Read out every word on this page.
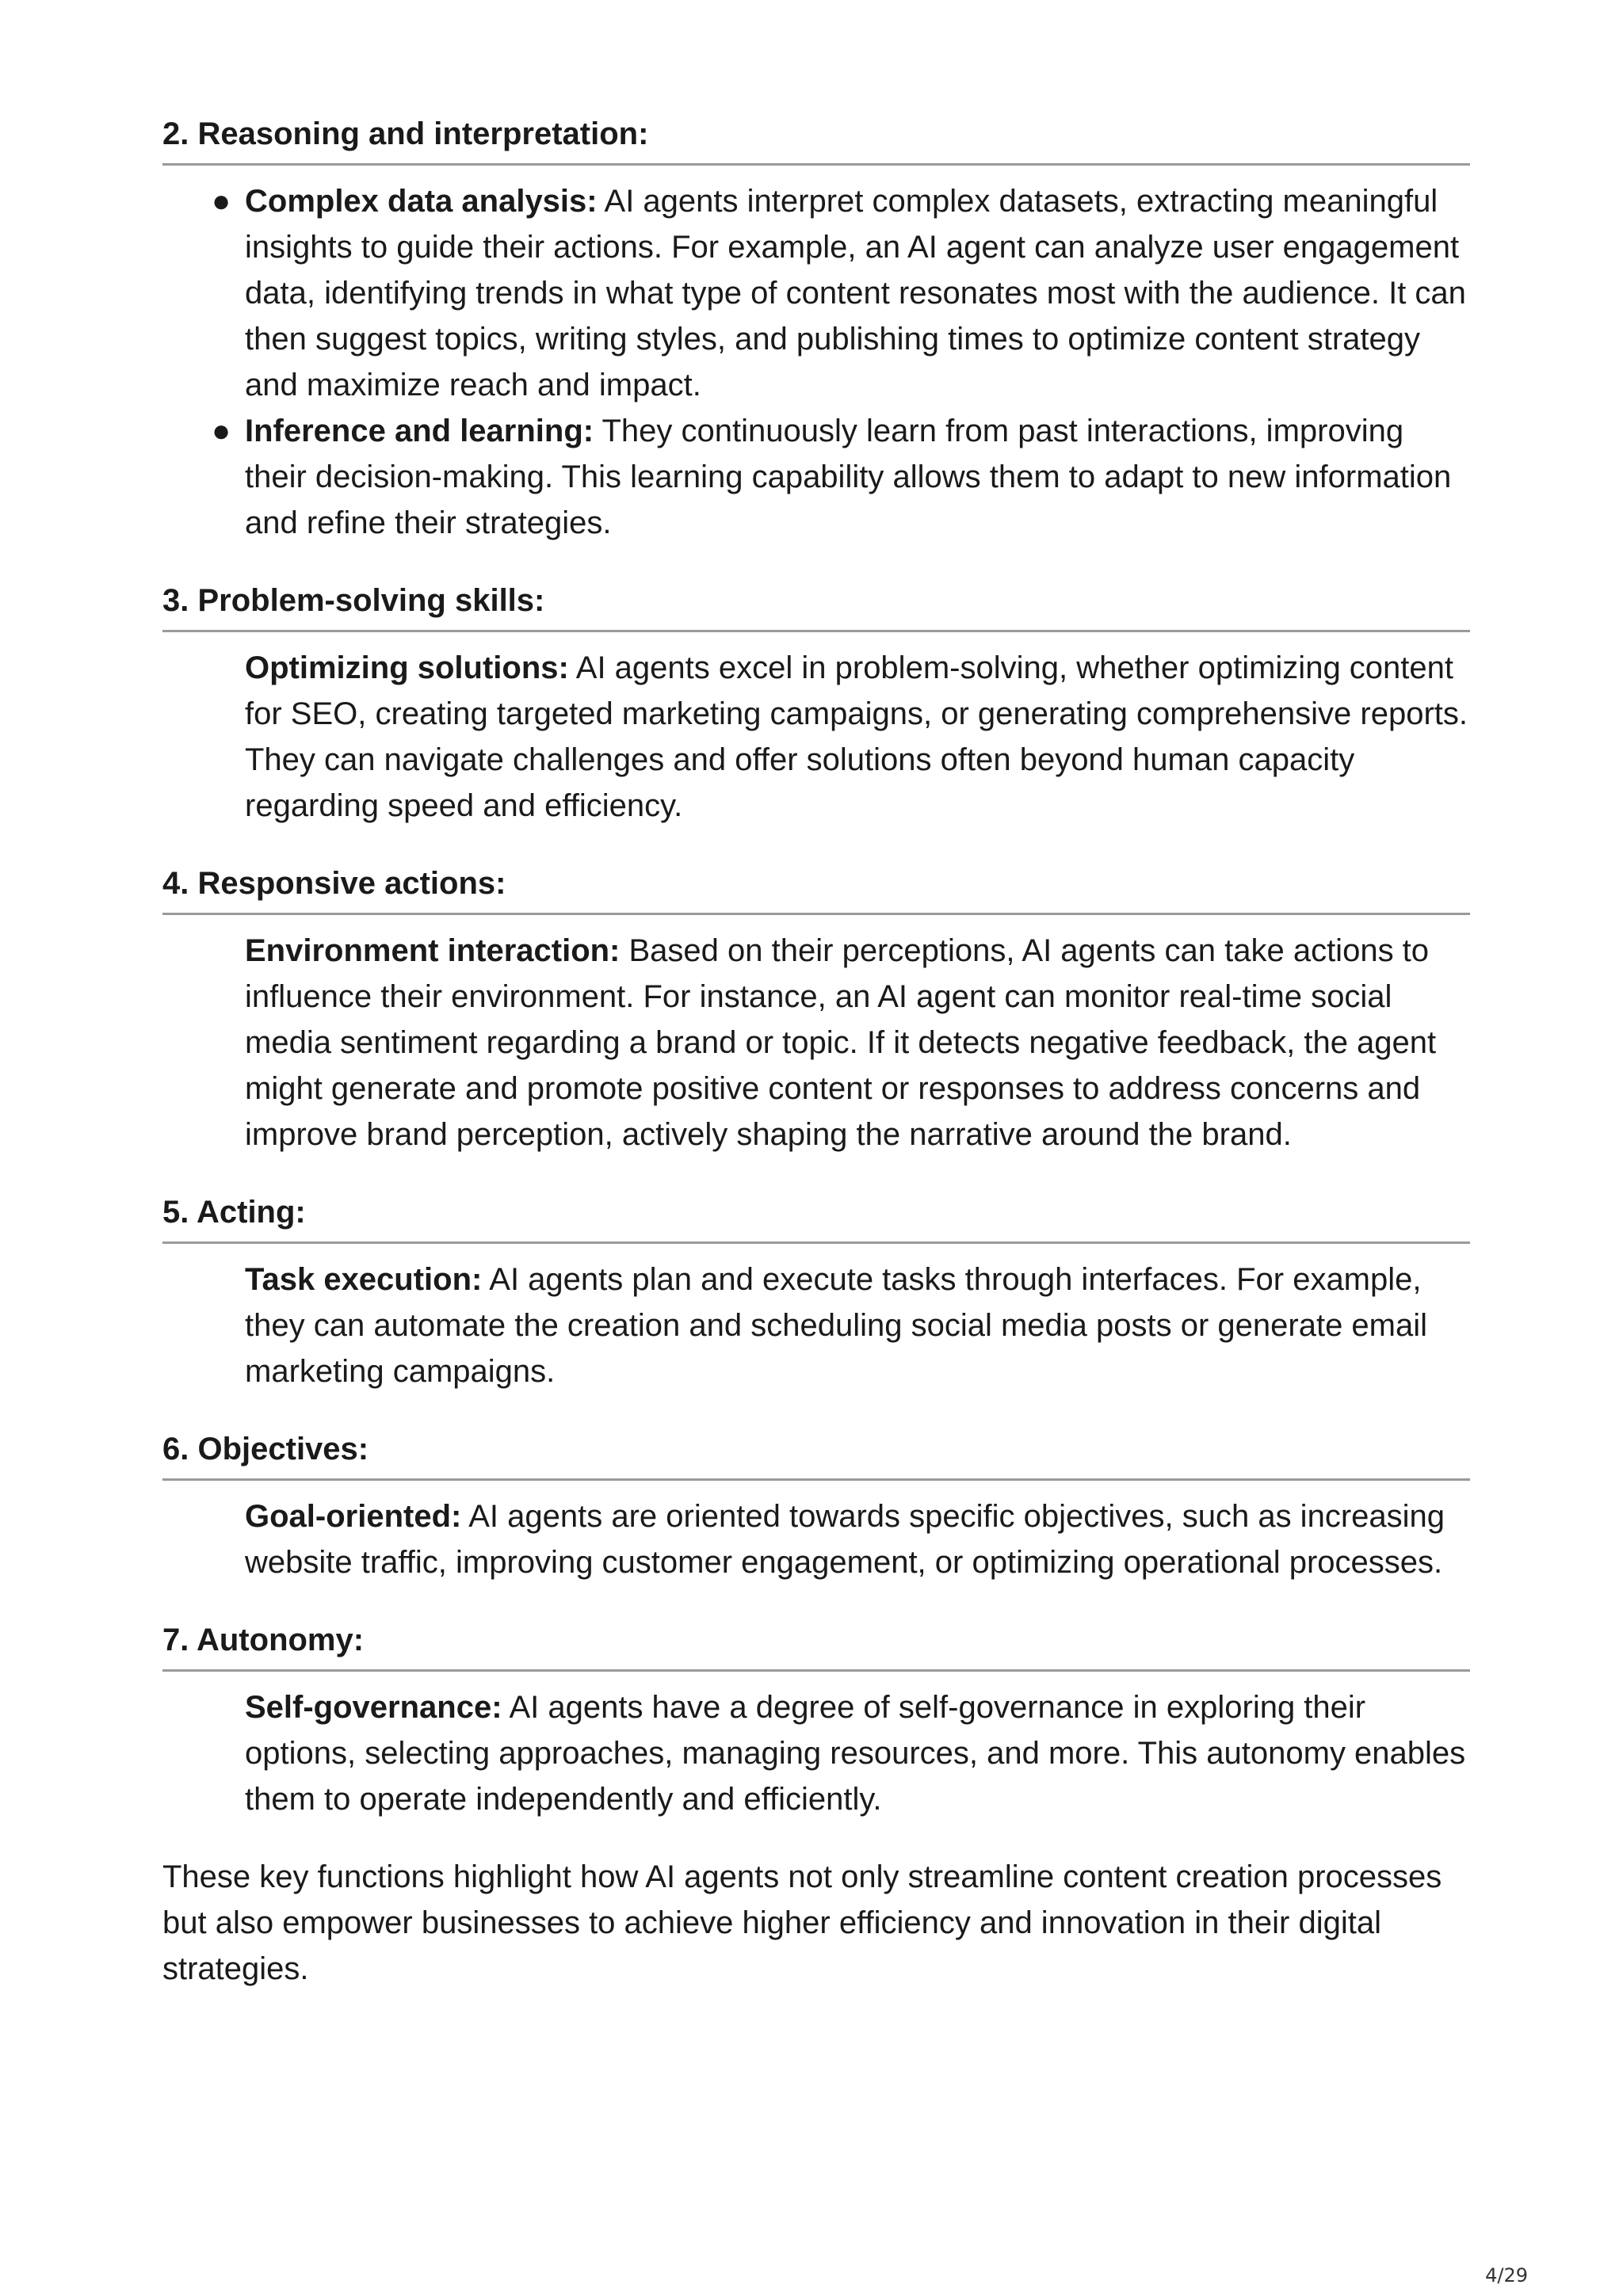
2. Reasoning and interpretation:
● Complex data analysis: AI agents interpret complex datasets, extracting meaningful insights to guide their actions. For example, an AI agent can analyze user engagement data, identifying trends in what type of content resonates most with the audience. It can then suggest topics, writing styles, and publishing times to optimize content strategy and maximize reach and impact.
● Inference and learning: They continuously learn from past interactions, improving their decision-making. This learning capability allows them to adapt to new information and refine their strategies.
3. Problem-solving skills:

Optimizing solutions: AI agents excel in problem-solving, whether optimizing content for SEO, creating targeted marketing campaigns, or generating comprehensive reports. They can navigate challenges and offer solutions often beyond human capacity regarding speed and efficiency.

4. Responsive actions:

Environment interaction: Based on their perceptions, AI agents can take actions to influence their environment. For instance, an AI agent can monitor real-time social media sentiment regarding a brand or topic. If it detects negative feedback, the agent might generate and promote positive content or responses to address concerns and improve brand perception, actively shaping the narrative around the brand.

5. Acting:

Task execution: AI agents plan and execute tasks through interfaces. For example, they can automate the creation and scheduling social media posts or generate email marketing campaigns.

6. Objectives:

Goal-oriented: AI agents are oriented towards specific objectives, such as increasing website traffic, improving customer engagement, or optimizing operational processes.

7. Autonomy:

Self-governance: AI agents have a degree of self-governance in exploring their options, selecting approaches, managing resources, and more. This autonomy enables them to operate independently and efficiently.

These key functions highlight how AI agents not only streamline content creation processes but also empower businesses to achieve higher efficiency and innovation in their digital strategies.

4/29
